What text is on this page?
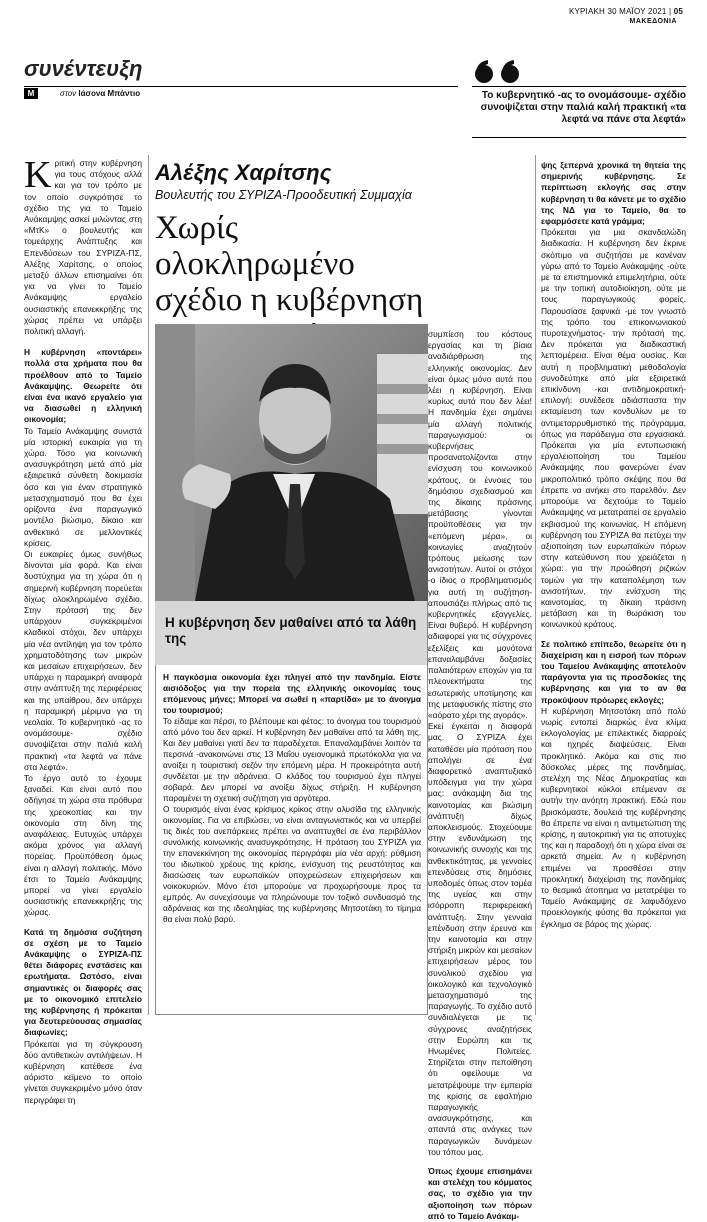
ΚΥΡΙΑΚΗ 30 ΜΑΪΟΥ 2021 | 05
ΜΑΚΕΔΟΝΙΑ
συνέντευξη
M	στον Ιάσονα Μπάντιο	Το κυβερνητικό -ας το ονομάσουμε- σχέδιο συνοψίζεται στην παλιά καλή πρακτική «τα λεφτά να πάνε στα λεφτά»

Κριτική στην κυβέρνηση για τους στόχους αλλά και για τον τρόπο με τον οποίο συγκρότησε το σχέδιο της για το Ταμείο Ανάκαμψης ασκεί μιλώντας στη «ΜτΚ» ο βουλευτής και τομεάρχης Ανάπτυξης και Επενδύσεων του ΣΥΡΙΖΑ-ΠΣ, Αλέξης Χαρίτσης, ο οποίος μεταξύ άλλων επισημαίνει ότι για να γίνει το Ταμείο Ανάκαμψης εργαλείο ουσιαστικής επανεκκρήξης της χώρας πρέπει να υπάρξει πολιτική αλλαγή.

Η κυβέρνηση «ποντάρει» πολλά στα χρήματα που θα προέλθουν από το Ταμείο Ανάκαμψης. Θεωρείτε ότι είναι ένα ικανό εργαλείο για να διασωθεί η ελληνική οικονομία;

Το Ταμείο Ανάκαμψης συνιστά μία ιστορική ευκαιρία για τη χώρα. Τόσο για κοινωνική ανασυγκρότηση μετά από μία εξαιρετικά σύνθετη δοκιμασία όσο και για έναν στρατηγικό μετασχηματισμό που θα έχει ορίζοντα ένα παραγωγικό μοντέλο βιώσιμο, δίκαιο και ανθεκτικό σε μελλοντικές κρίσεις.

Οι ευκαιρίες όμως συνήθως δίνονται μία φορά. Και είναι δυστύχημα για τη χώρα ότι η σημερινή κυβέρνηση πορεύεται δίχως ολοκληρωμένο σχέδιο. Στην πρότασή της δεν υπάρχουν συγκεκριμένοι κλαδικοί στόχοι, δεν υπάρχει μία νέα αντίληψη για τον τρόπο χρηματοδότησης των μικρών και μεσαίων επιχειρήσεων, δεν υπάρχει η παραμικρή αναφορά στην ανάπτυξη της περιφέρειας και της υπαίθρου, δεν υπάρχει η παραμικρή μέριμνα για τη νεολαία. Το κυβερνητικό -ας το ονομάσουμε- σχέδιο συνοψίζεται στην παλιά καλή πρακτική «τα λεφτά να πάνε στα λεφτά».

Το έργο αυτό το έχουμε ξαναδεί. Και είναι αυτό που οδήγησε τη χώρα στα πρόθυρα της χρεοκοπίας και την οικονομία στη δίνη της αναφάλειας. Ευτυχώς υπάρχει ακόμα χρόνος για αλλαγή πορείας. Προϋπόθεση όμως είναι η αλλαγή πολιτικής. Μόνο έτσι το Ταμείο Ανάκαμψης μπορεί να γίνει εργαλείο ουσιαστικής επανεκκρήξης της χώρας.

Κατά τη δημόσια συζήτηση σε σχέση με το Ταμείο Ανάκαμψης ο ΣΥΡΙΖΑ-ΠΣ θέτει διάφορες ενστάσεις και ερωτήματα. Ωστόσο, είναι σημαντικές οι διαφορές σας με το οικονομικό επιτελείο της κυβέρνησης ή πρόκειται για δευτερεύουσας σημασίας διαφωνίες;

Πρόκειται για τη σύγκρουση δύο αντιθετικών αντιλήψεων. Η κυβέρνηση κατέθεσε ένα αόριστο κείμενο το οποίο γίνεται συγκεκριμένο μόνο όταν περιγράφει τη

Αλέξης Χαρίτσης
Βουλευτής του ΣΥΡΙΖΑ-Προοδευτική Συμμαχία
Χωρίς ολοκληρωμένο σχέδιο η κυβέρνηση
Η κυβέρνηση δεν μαθαίνει από τα λάθη της

Η παγκόσμια οικονομία έχει πληγεί από την πανδημία. Είστε αισιόδοξος για την πορεία της ελληνικής οικονομίας τους επόμενους μήνες; Μπορεί να σωθεί η «παρτίδα» με το άνοιγμα του τουρισμού;

Το είδαμε και πέρσι, το βλέπουμε και φέτος: το άνοιγμα του τουρισμού από μόνο του δεν αρκεί. Η κυβέρνηση δεν μαθαίνει από τα λάθη της. Και δεν μαθαίνει γιατί δεν τα παραδέχεται. Επαναλαμβάνει λοιπόν τα περσινά -ανακοινώνει στις 13 Μαΐου υγειονομικά πρωτόκολλα για να ανοίξει η τουριστική σεζόν την επόμενη μέρα. Η προκειρότητα αυτή συνδέεται με την αδράνεια. Ο κλάδος του τουρισμού έχει πληγεί σοβαρά. Δεν μπορεί να ανοίξει δίχως στήριξη. Η κυβέρνηση παραμένει τη σχετική συζήτηση για αργότερα.

Ο τουρισμός είναι ένας κρίσιμος κρίκος στην αλυσίδα της ελληνικής οικονομίας. Για να επιβιώσει, να είναι ανταγωνιστικός και να υπερβεί τις δικές του ανεπάρκειες πρέπει να αναπτυχθεί σε ένα περιβάλλον συνολικής κοινωνικής ανασυγκρότησης. Η πρόταση του ΣΥΡΙΖΑ για την επανεκκίνηση της οικονομίας περιγράφει μία νέα αρχή: ρύθμιση του ιδιωτικού χρέους της κρίσης, ενίσχυση της ρευστότητας και διασώσεις των ευρωπαϊκών υποχρεώσεων επιχειρήσεων και νοικοκυριών. Μόνο έτσι μπορούμε να προχωρήσουμε προς τα εμπρός. Αν συνεχίσουμε να πληρώνουμε τον τοξικό συνδυασμό της αδράνειας και της ιδεοληψίας της κυβέρνησης Μητσοτάκη το τίμημα θα είναι πολύ βαρύ.

συμπίεση του κόστους εργασίας και τη βίαια αναδιάρθρωση της ελληνικής οικονομίας. Δεν είναι όμως μόνο αυτά που λέει η κυβέρνηση. Είναι κυρίως αυτά που δεν λέει! Η πανδημία έχει σημάνει μία αλλαγή πολιτικής παραγωγισμού: οι κυβερνήσεις προσανατολίζονται στην ενίσχυση του κοινωνικού κράτους, οι έννοιες του δημόσιου σχεδιασμού και της δίκαιης πράσινης μετάβασης γίνονται προϋποθέσεις για την «επόμενη μέρα», οι κοινωνίες αναζητούν τρόπους μείωσης των ανισοτήτων. Αυτοί οι στόχοι -ο ίδιος ο προβληματισμός για αυτή τη συζήτηση- απουσιάζει πλήρως από τις κυβερνητικές εξαγγελίες. Είναι θυβερό. Η κυβέρνηση αδιαφορεί για τις σύγχρονες εξελίξεις και μονότονα επαναλαμβάνει δοξασίες παλαιότερων εποχών για τα πλεονεκτήματα της εσωτερικής υποτίμησης και της μεταφυσικής πίστης στο «αόρατο χέρι της αγοράς».

Εκεί έγκειται η διαφορά μας. Ο ΣΥΡΙΖΑ έχει καταθέσει μία πρόταση που απολήγει σε ένα διαφορετικό αναπτυξιακό υπόδειγμα για την χώρα μας: ανάκαμψη δια της καινοτομίας και βιώσιμη ανάπτυξη δίχως αποκλεισμούς. Στοχεύουμε στην ενδυνάμωση της κοινωνικής συνοχής και της ανθεκτικότητας, με γενναίες επενδύσεις στις δημόσιες υποδομές όπως στον τομέα της υγείας και στην ισόρροπη περιφερειακή ανάπτυξη. Στην γενναία επένδυση στην έρευνα και την καινοτομία και στην στήριξη μικρών και μεσαίων επιχειρήσεων μέρος του συνολικού σχεδίου για οικολογικό και τεχνολογικό μετασχηματισμό της παραγωγής. Το σχέδιο αυτό συνδιαλέγεται με τις σύγχρονες αναζητήσεις στην Ευρώπη και τις Ηνωμένες Πολιτείες. Στηρίζεται στην πεποίθηση ότι οφείλουμε να μετατρέψουμε την εμπειρία της κρίσης σε εφαλτήριο παραγωγικής ανασυγκρότησης, και απαντά στις ανάγκες των παραγωγικών δυνάμεων του τόπου μας.

Όπως έχουμε επισημάνει και στελέχη του κόμματος σας, το σχέδιο για την αξιοποίηση των πόρων από το Ταμείο Ανάκαμ-

ψης ξεπερνά χρονικά τη θητεία της σημερινής κυβέρνησης. Σε περίπτωση εκλογής σας στην κυβέρνηση τι θα κάνετε με το σχέδιο της ΝΔ για το Ταμείο, θα το εφαρμόσετε κατά γράμμα;

Πρόκειται για μια σκανδαλώδη διαδικασία. Η κυβέρνηση δεν έκρινε σκόπιμο να συζητήσει με κανέναν γύρω από το Ταμείο Ανάκαμψης -ούτε με τα επιστημονικά επιμελητήρια, ούτε με την τοπική αυτοδιοίκηση, ούτε με τους παραγωγικούς φορείς. Παρουσίασε ξαφνικά -με τον γνωστό της τρόπο του επικοινωνιακού πυροτεχνήματος- την πρότασή της. Δεν πρόκειται για διαδικαστική λεπτομέρεια. Είναι θέμα ουσίας. Και αυτή η προβληματική μεθοδολογία συνοδεύτηκε από μία εξαιρετικά επικίνδυνη -και αντιδημοκρατική- επιλογή: συνέδεσε αδιάσπαστα την εκταμίευση των κονδυλίων με το αντιμεταρρυθμιστικό της πρόγραμμα, όπως για παράδειγμα στα εργασιακά. Πρόκειται για μία εντυπωσιακή εργαλειοποίηση του Ταμείου Ανάκαμψης που φανερώνει έναν μικροπολιτικό τρόπο σκέψης που θα έπρεπε να ανήκει στο παρελθόν. Δεν μπορούμε να δεχτούμε το Ταμείο Ανάκαμψης να μετατραπεί σε εργαλείο εκβιασμού της κοινωνίας. Η επόμενη κυβέρνηση του ΣΥΡΙΖΑ θα πετύχει την αξιοποίηση των ευρωπαϊκών πόρων στην κατεύθυνση που χρειάζεται η χώρα: για την προώθηση ριζικών τομών για την καταπολέμηση των ανισοτήτων, την ενίσχυση της καινοτομίας, τη δίκαιη πράσινη μετάβαση και τη θωράκιση του κοινωνικού κράτους.

Σε πολιτικό επίπεδο, θεωρείτε ότι η διαχείριση και η εισροή των πόρων του Ταμείου Ανάκαμψης αποτελούν παράγοντα για τις προσδοκίες της κυβέρνησης και για το αν θα προκύψουν πρόωρες εκλογές;

Η κυβέρνηση Μητσοτάκη από πολύ νωρίς εντοπεί διαρκώς ένα κλίμα εκλογολογίας με επιλεκτικές διαρροές και ηχηρές διαψεύσεις. Είναι προκλητικό. Ακόμα και στις πιο δύσκολες μέρες της πανδημίας, στελέχη της Νέας Δημοκρατίας και κυβερνητικοί κύκλοι επέμεναν σε αυτήν την ανόητη πρακτική. Εδώ που βρισκόμαστε, δουλειά της κυβέρνησης θα έπρεπε να είναι η αντιμετώπιση της κρίσης, η αυτοκριτική για τις αποτυχίες της και η παραδοχή ότι η χώρα είναι σε αρκετά σημεία. Αν η κυβέρνηση επιμένει να προσθέσει στην προκλητική διαχείριση της πανδημίας το θεσμικό άτοπημα να μετατρέψει το Ταμείο Ανάκαμψης σε λαφυδόχενο προεκλογικής φύσης θα πρόκειται για έγκλημα σε βάρος της χώρας.
